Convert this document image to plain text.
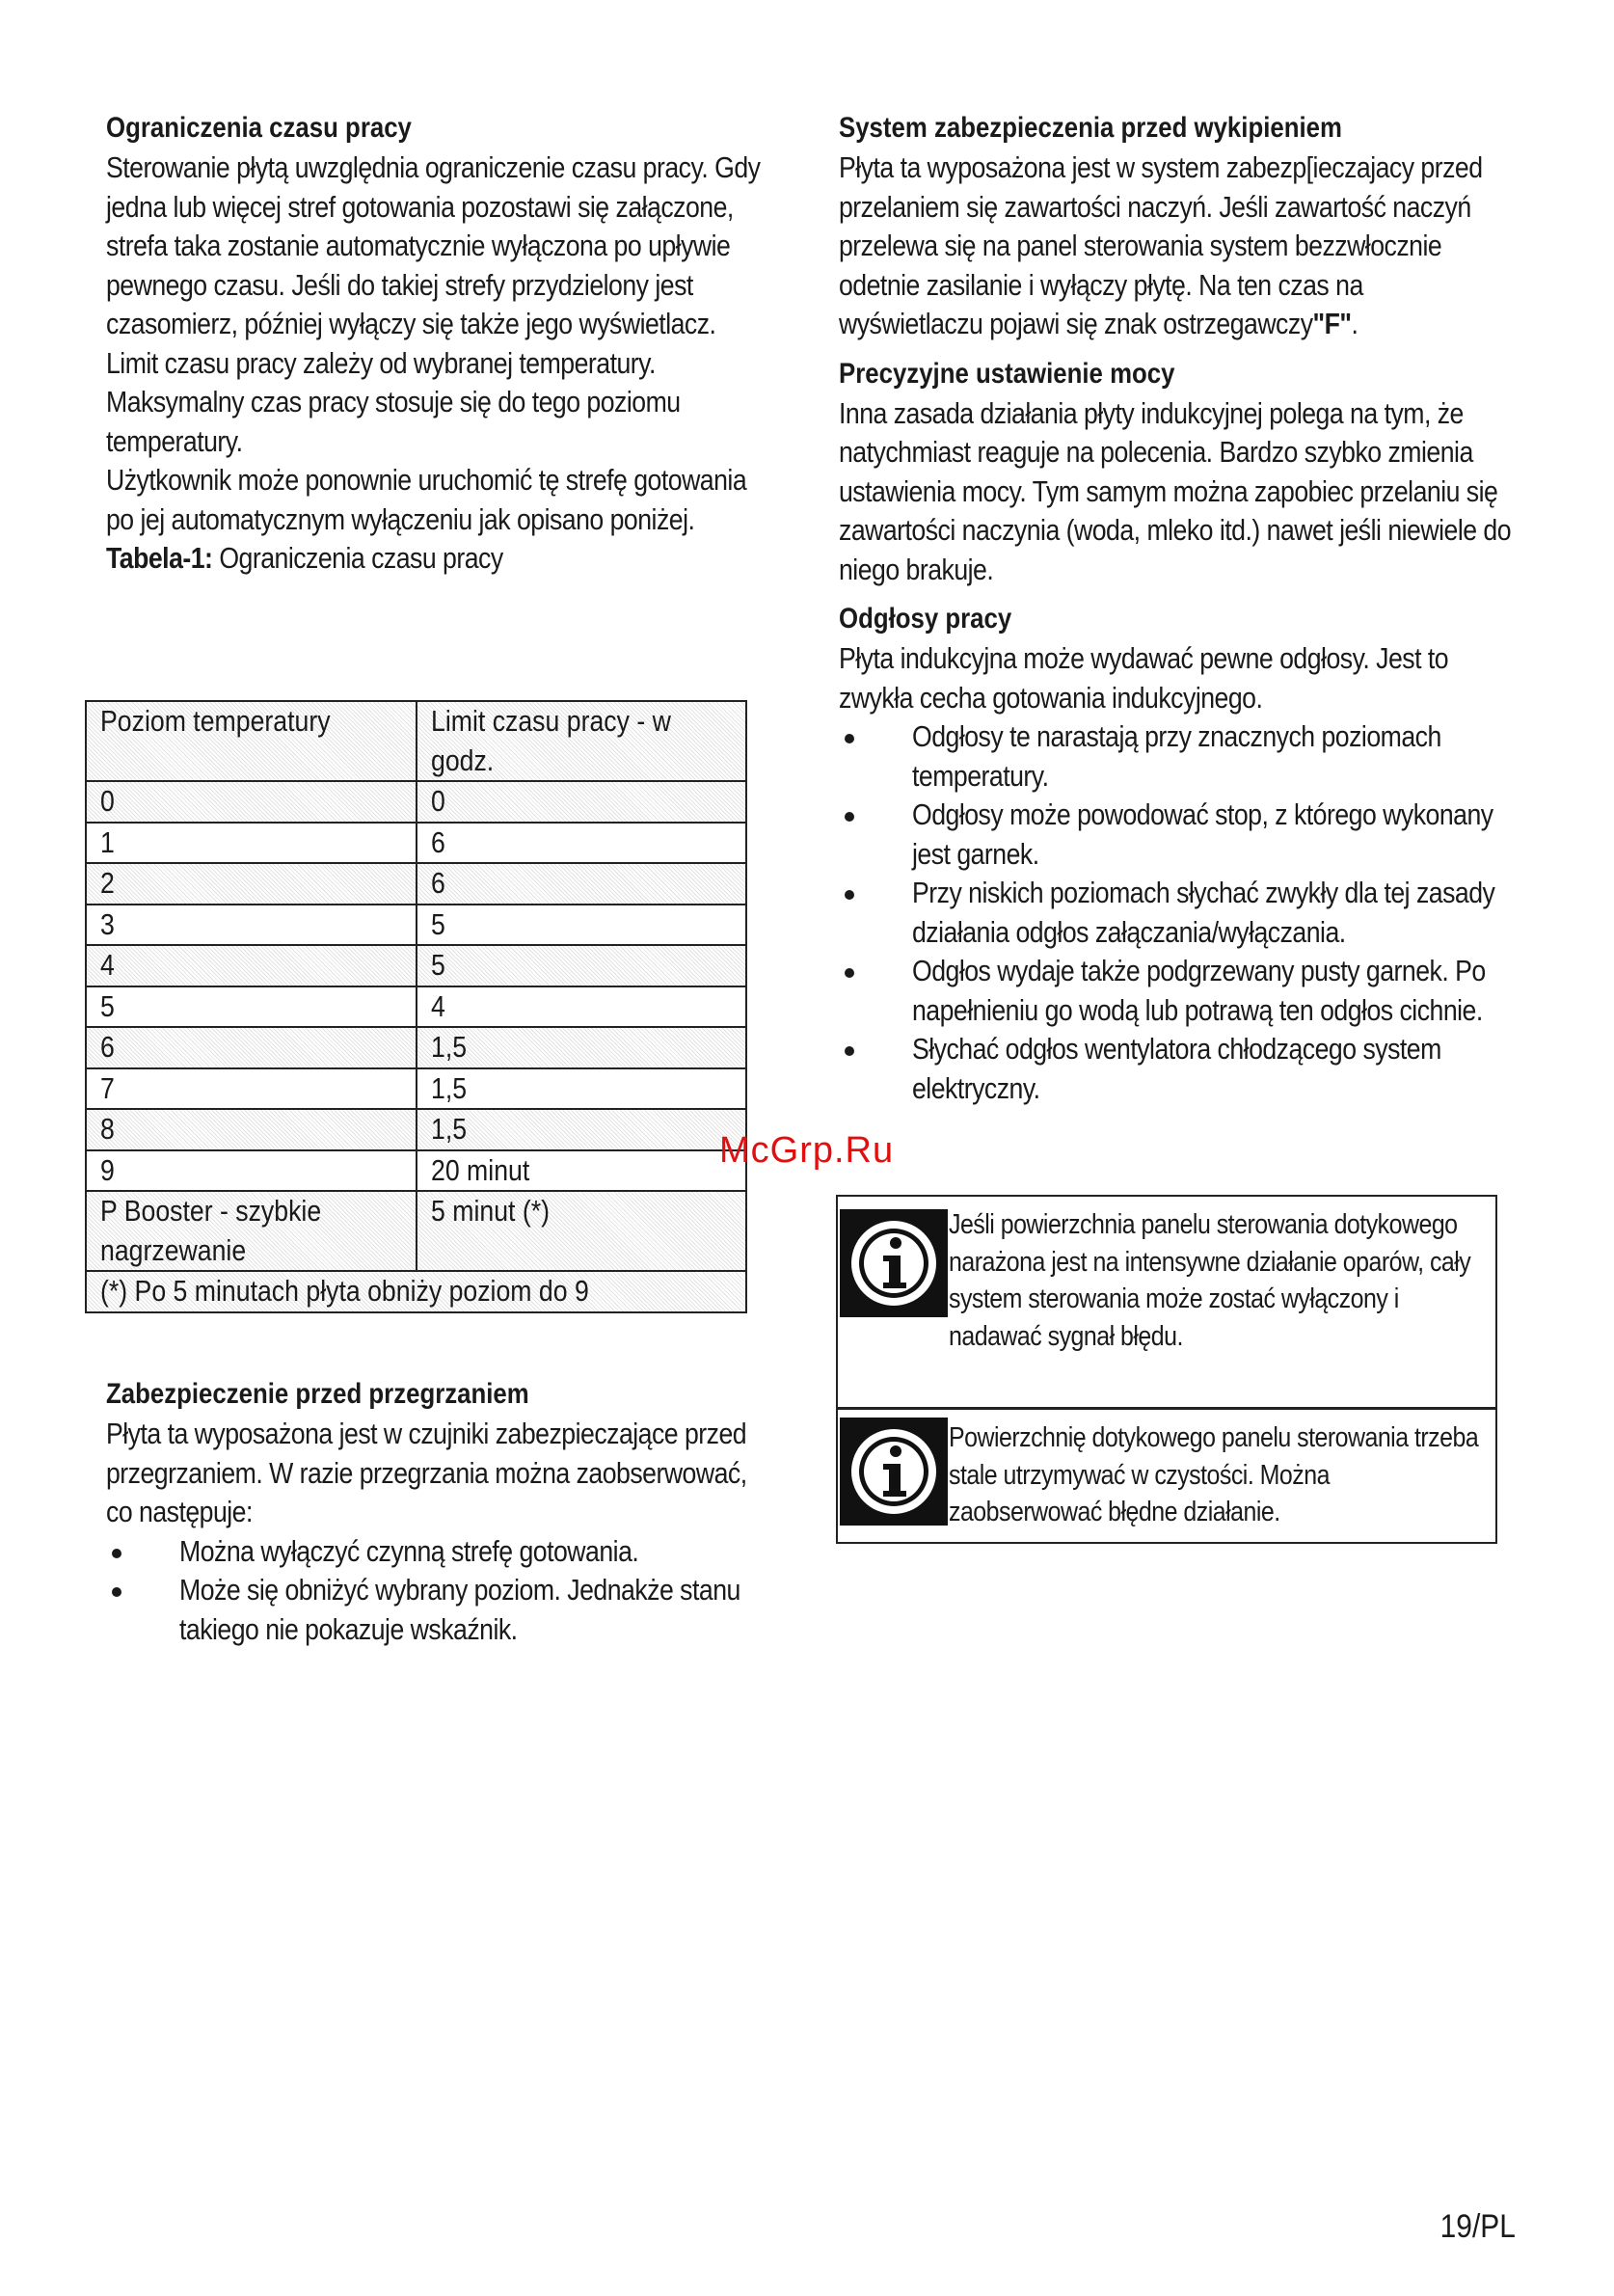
Ograniczenia czasu pracy

Sterowanie płytą uwzględnia ograniczenie czasu pracy. Gdy jedna lub więcej stref gotowania pozostawi się załączone, strefa taka zostanie automatycznie wyłączona po upływie pewnego czasu. Jeśli do takiej strefy przydzielony jest czasomierz, później wyłączy się także jego wyświetlacz.

Limit czasu pracy zależy od wybranej temperatury. Maksymalny czas pracy stosuje się do tego poziomu temperatury.

Użytkownik może ponownie uruchomić tę strefę gotowania po jej automatycznym wyłączeniu jak opisano poniżej.

Tabela-1: Ograniczenia czasu pracy

Poziom temperatury	Limit czasu pracy - w godz.
0	0
1	6
2	6
3	5
4	5
5	4
6	1,5
7	1,5
8	1,5
9	20 minut
P Booster - szybkie nagrzewanie	5 minut (*)
(*) Po 5 minutach płyta obniży poziom do 9	
Zabezpieczenie przed przegrzaniem

Płyta ta wyposażona jest w czujniki zabezpieczające przed przegrzaniem. W razie przegrzania można zaobserwować, co następuje:

Można wyłączyć czynną strefę gotowania.
Może się obniżyć wybrany poziom. Jednakże stanu takiego nie pokazuje wskaźnik.
System zabezpieczenia przed wykipieniem

Płyta ta wyposażona jest w system zabezp[ieczajacy przed przelaniem się zawartości naczyń. Jeśli zawartość naczyń przelewa się na panel sterowania system bezzwłocznie odetnie zasilanie i wyłączy płytę. Na ten czas na wyświetlaczu pojawi się znak ostrzegawczy"F".

Precyzyjne ustawienie mocy

Inna zasada działania płyty indukcyjnej polega na tym, że natychmiast reaguje na polecenia. Bardzo szybko zmienia ustawienia mocy. Tym samym można zapobiec przelaniu się zawartości naczynia (woda, mleko itd.) nawet jeśli niewiele do niego brakuje.

Odgłosy pracy

Płyta indukcyjna może wydawać pewne odgłosy. Jest to zwykła cecha gotowania indukcyjnego.

Odgłosy te narastają przy znacznych poziomach temperatury.
Odgłosy może powodować stop, z którego wykonany jest garnek.
Przy niskich poziomach słychać zwykły dla tej zasady działania odgłos załączania/wyłączania.
Odgłos wydaje także podgrzewany pusty garnek. Po napełnieniu go wodą lub potrawą ten odgłos cichnie.
Słychać odgłos wentylatora chłodzącego system elektryczny.
Jeśli powierzchnia panelu sterowania dotykowego narażona jest na intensywne działanie oparów, cały system sterowania może zostać wyłączony i nadawać sygnał błędu.
Powierzchnię dotykowego panelu sterowania trzeba stale utrzymywać w czystości. Można zaobserwować błędne działanie.
McGrp.Ru
19/PL
